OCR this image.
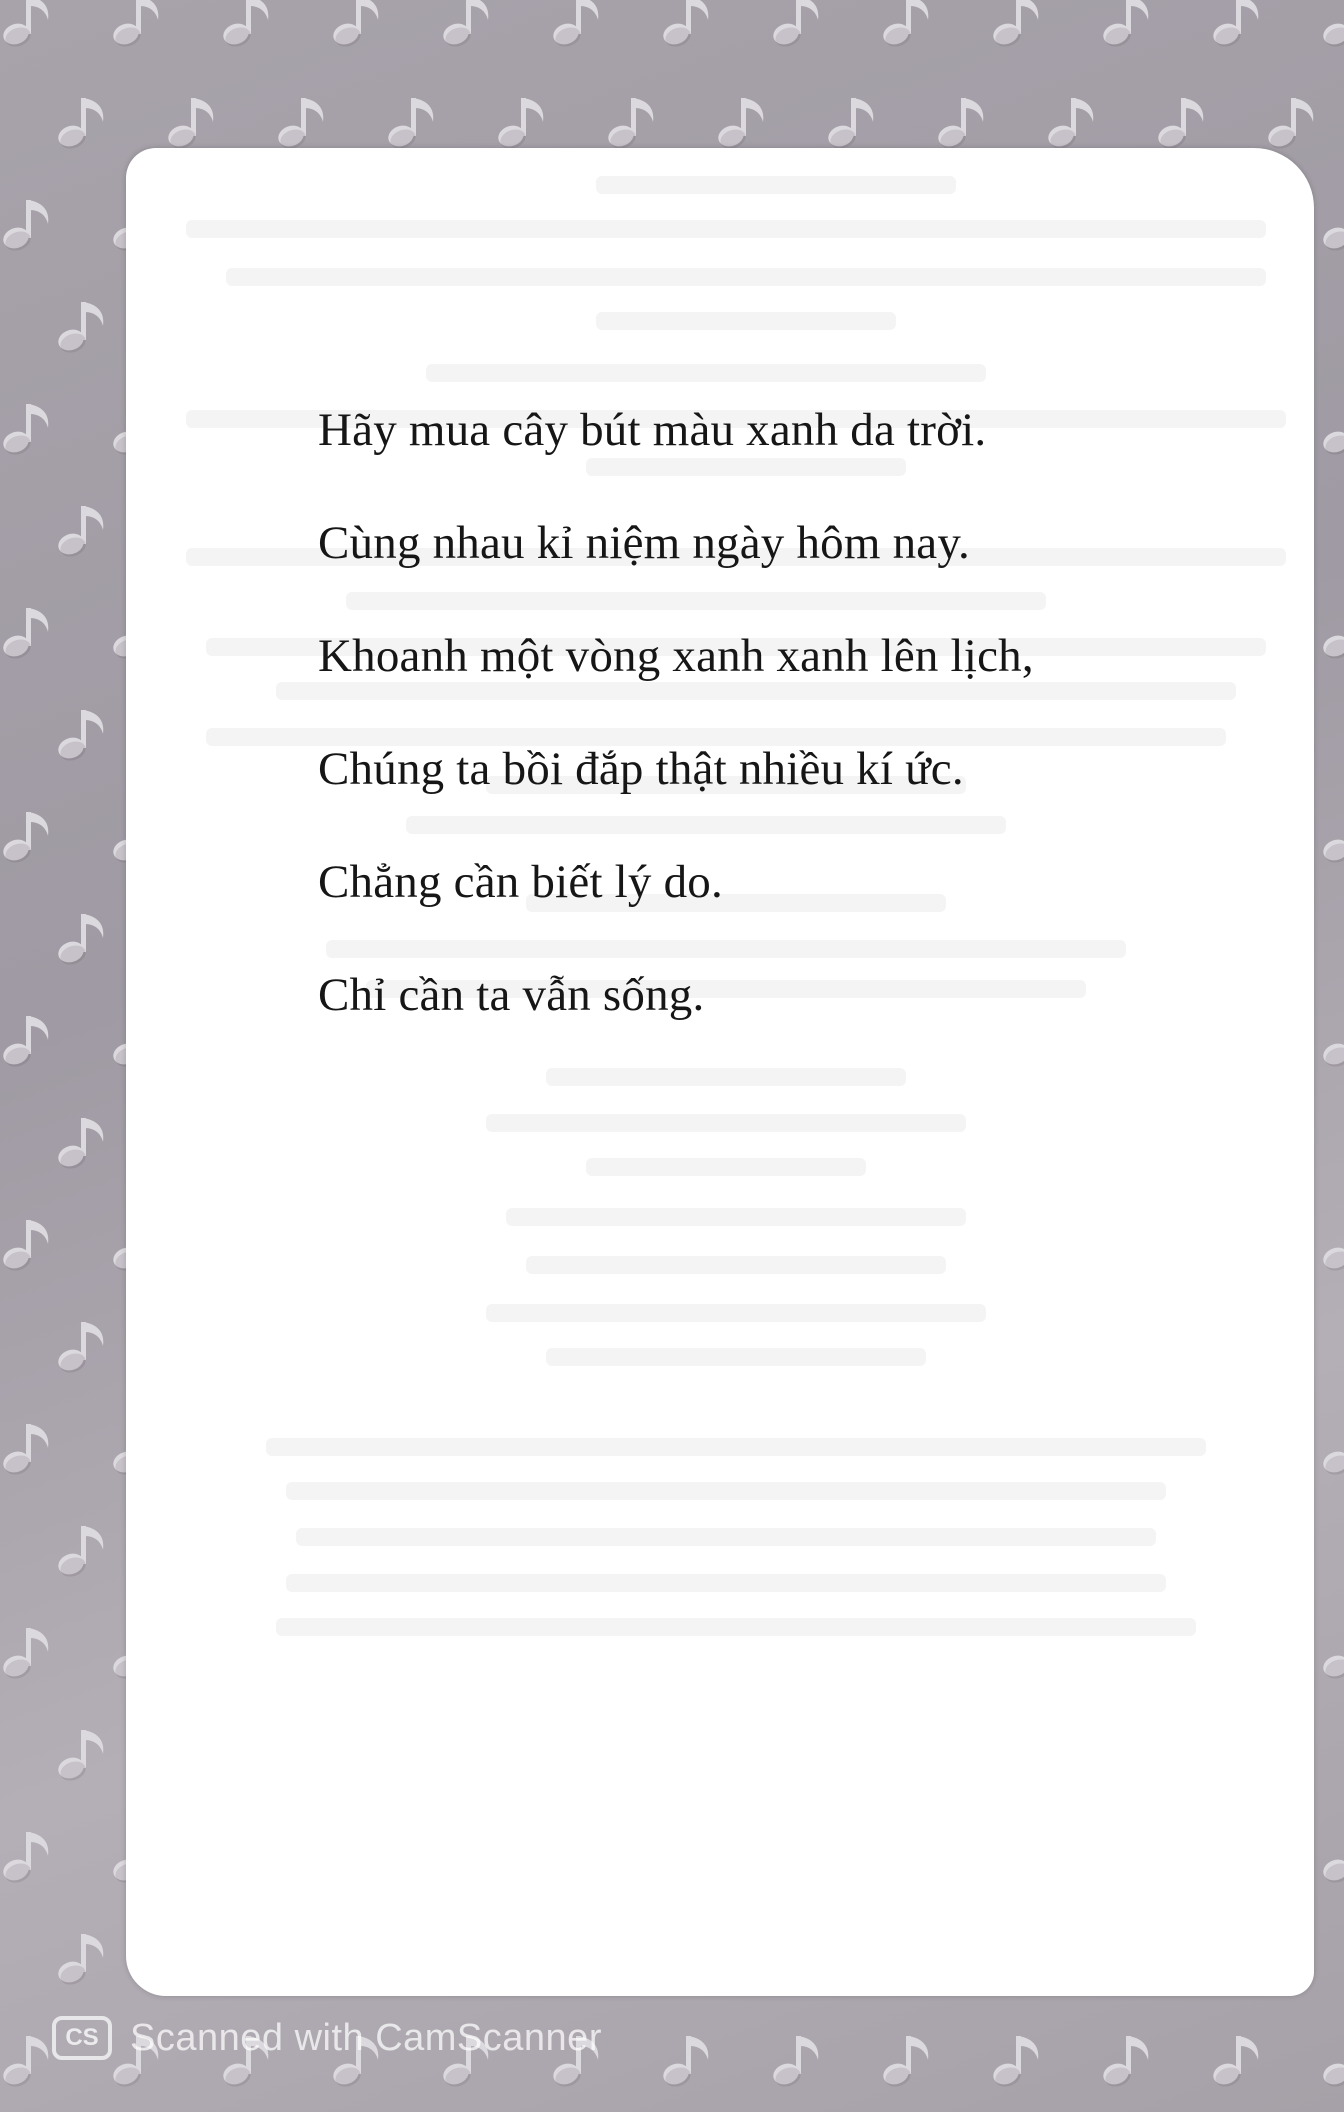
Hãy mua cây bút màu xanh da trời.
Cùng nhau kỉ niệm ngày hôm nay.
Khoanh một vòng xanh xanh lên lịch,
Chúng ta bồi đắp thật nhiều kí ức.
Chẳng cần biết lý do.
Chỉ cần ta vẫn sống.
CS Scanned with CamScanner
